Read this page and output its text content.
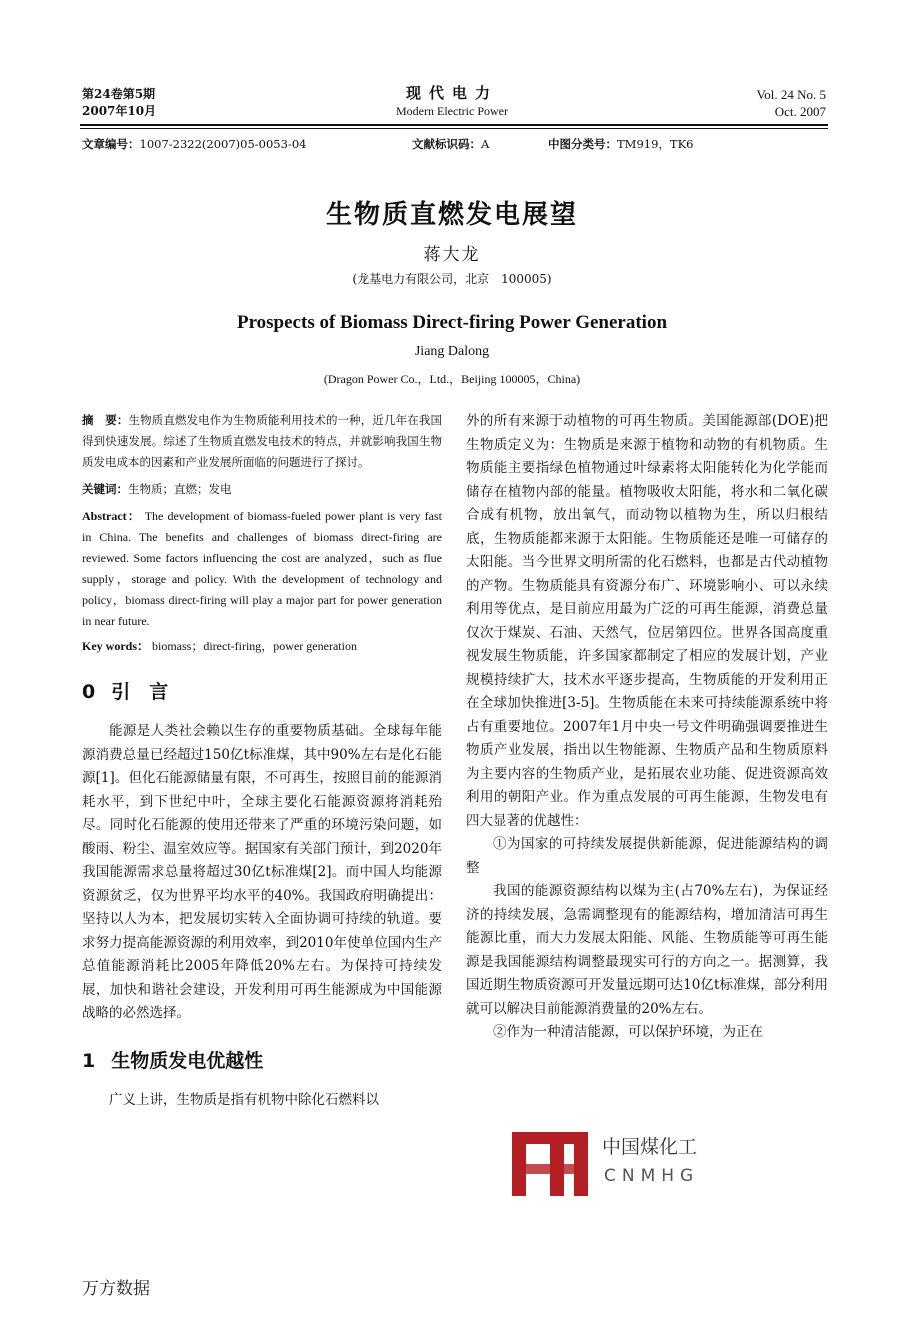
第24卷第5期
2007年10月
现代电力
Modern Electric Power
Vol. 24 No. 5
Oct. 2007
文章编号：1007-2322(2007)05-0053-04	文献标识码：A	中图分类号：TM919，TK6
生物质直燃发电展望
蒋大龙
(龙基电力有限公司，北京　100005)
Prospects of Biomass Direct-firing Power Generation
Jiang Dalong
(Dragon Power Co.，Ltd.，Beijing 100005，China)

摘　要：生物质直燃发电作为生物质能利用技术的一种，近几年在我国得到快速发展。综述了生物质直燃发电技术的特点，并就影响我国生物质发电成本的因素和产业发展所面临的问题进行了探讨。

关键词：生物质；直燃；发电

Abstract： The development of biomass-fueled power plant is very fast in China. The benefits and challenges of biomass direct-firing are reviewed. Some factors influencing the cost are analyzed，such as flue supply，storage and policy. With the development of technology and policy，biomass direct-firing will play a major part for power generation in near future.

Key words： biomass；direct-firing，power generation

0 引　言

能源是人类社会赖以生存的重要物质基础。全球每年能源消费总量已经超过150亿t标准煤，其中90%左右是化石能源[1]。但化石能源储量有限，不可再生，按照目前的能源消耗水平，到下世纪中叶，全球主要化石能源资源将消耗殆尽。同时化石能源的使用还带来了严重的环境污染问题，如酸雨、粉尘、温室效应等。据国家有关部门预计，到2020年我国能源需求总量将超过30亿t标准煤[2]。而中国人均能源资源贫乏，仅为世界平均水平的40%。我国政府明确提出：坚持以人为本，把发展切实转入全面协调可持续的轨道。要求努力提高能源资源的利用效率，到2010年使单位国内生产总值能源消耗比2005年降低20%左右。为保持可持续发展，加快和谐社会建设，开发利用可再生能源成为中国能源战略的必然选择。

1 生物质发电优越性

广义上讲，生物质是指有机物中除化石燃料以

外的所有来源于动植物的可再生物质。美国能源部(DOE)把生物质定义为：生物质是来源于植物和动物的有机物质。生物质能主要指绿色植物通过叶绿素将太阳能转化为化学能而储存在植物内部的能量。植物吸收太阳能，将水和二氧化碳合成有机物，放出氧气，而动物以植物为生，所以归根结底，生物质能都来源于太阳能。生物质能还是唯一可储存的太阳能。当今世界文明所需的化石燃料，也都是古代动植物的产物。生物质能具有资源分布广、环境影响小、可以永续利用等优点，是目前应用最为广泛的可再生能源，消费总量仅次于煤炭、石油、天然气，位居第四位。世界各国高度重视发展生物质能，许多国家都制定了相应的发展计划，产业规模持续扩大，技术水平逐步提高，生物质能的开发利用正在全球加快推进[3-5]。生物质能在未来可持续能源系统中将占有重要地位。2007年1月中央一号文件明确强调要推进生物质产业发展，指出以生物能源、生物质产品和生物质原料为主要内容的生物质产业，是拓展农业功能、促进资源高效利用的朝阳产业。作为重点发展的可再生能源，生物发电有四大显著的优越性：

①为国家的可持续发展提供新能源，促进能源结构的调整

我国的能源资源结构以煤为主(占70%左右)，为保证经济的持续发展，急需调整现有的能源结构，增加清洁可再生能源比重，而大力发展太阳能、风能、生物质能等可再生能源是我国能源结构调整最现实可行的方向之一。据测算，我国近期生物质资源可开发量远期可达10亿t标准煤，部分利用就可以解决目前能源消费量的20%左右。

②作为一种清洁能源，可以保护环境，为正在

中国煤化工
CNMHG
万方数据
